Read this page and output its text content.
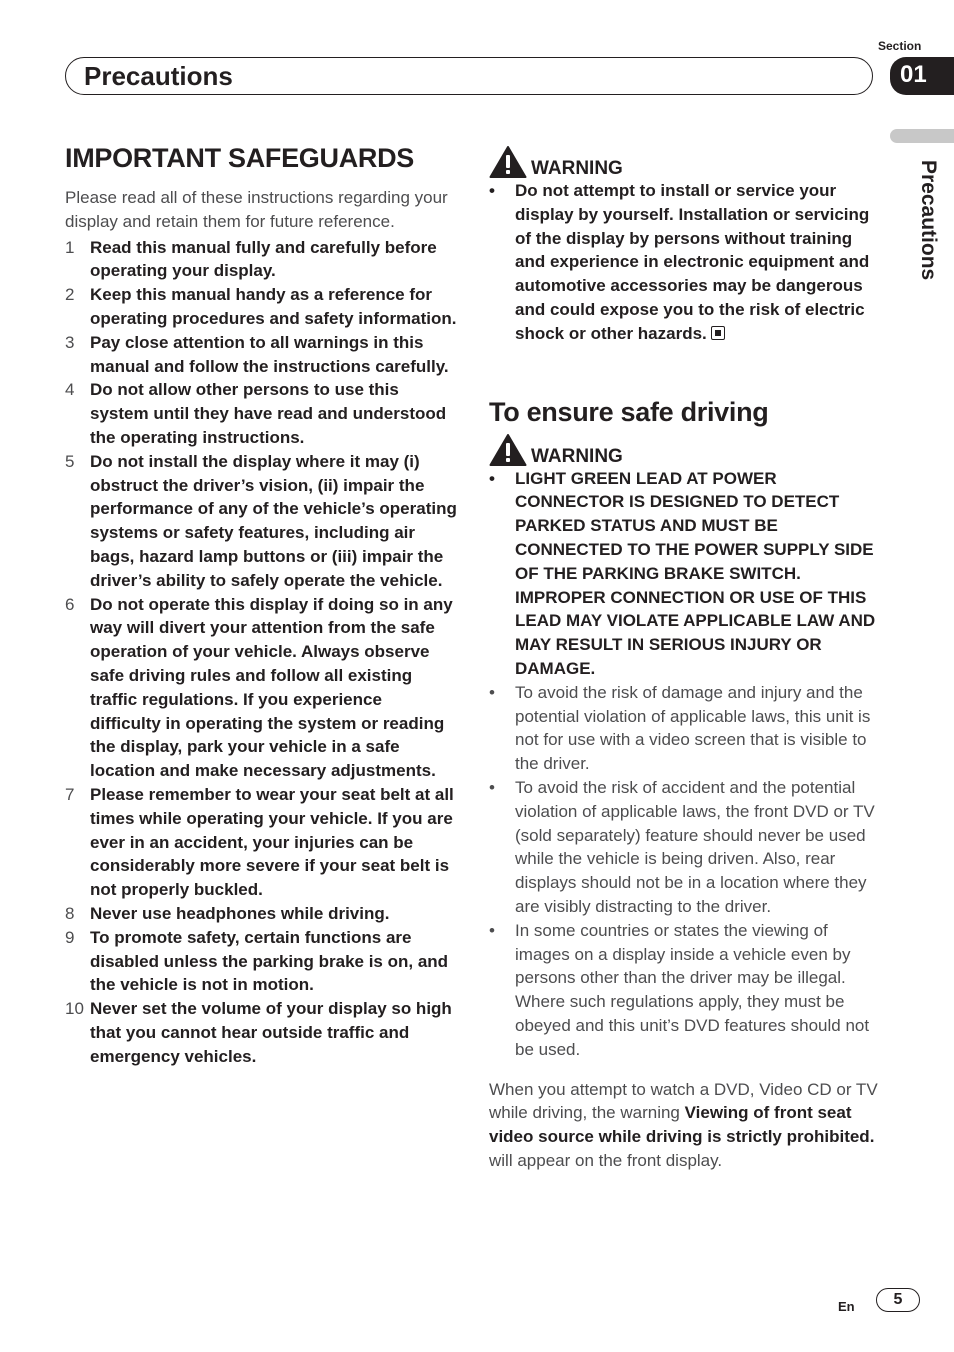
Section
Precautions	01
Precautions
IMPORTANT SAFEGUARDS

Please read all of these instructions regarding your display and retain them for future reference.

1 Read this manual fully and carefully before operating your display.
2 Keep this manual handy as a reference for operating procedures and safety information.
3 Pay close attention to all warnings in this manual and follow the instructions carefully.
4 Do not allow other persons to use this system until they have read and understood the operating instructions.
5 Do not install the display where it may (i) obstruct the driver’s vision, (ii) impair the performance of any of the vehicle’s operating systems or safety features, including air bags, hazard lamp buttons or (iii) impair the driver’s ability to safely operate the vehicle.
6 Do not operate this display if doing so in any way will divert your attention from the safe operation of your vehicle. Always observe safe driving rules and follow all existing traffic regulations. If you experience difficulty in operating the system or reading the display, park your vehicle in a safe location and make necessary adjustments.
7 Please remember to wear your seat belt at all times while operating your vehicle. If you are ever in an accident, your injuries can be considerably more severe if your seat belt is not properly buckled.
8 Never use headphones while driving.
9 To promote safety, certain functions are disabled unless the parking brake is on, and the vehicle is not in motion.
10 Never set the volume of your display so high that you cannot hear outside traffic and emergency vehicles.
WARNING
•	Do not attempt to install or service your display by yourself. Installation or servicing of the display by persons without training and experience in electronic equipment and automotive accessories may be dangerous and could expose you to the risk of electric shock or other hazards.
To ensure safe driving
WARNING
•	LIGHT GREEN LEAD AT POWER CONNECTOR IS DESIGNED TO DETECT PARKED STATUS AND MUST BE CONNECTED TO THE POWER SUPPLY SIDE OF THE PARKING BRAKE SWITCH. IMPROPER CONNECTION OR USE OF THIS LEAD MAY VIOLATE APPLICABLE LAW AND MAY RESULT IN SERIOUS INJURY OR DAMAGE.
•	To avoid the risk of damage and injury and the potential violation of applicable laws, this unit is not for use with a video screen that is visible to the driver.
•	To avoid the risk of accident and the potential violation of applicable laws, the front DVD or TV (sold separately) feature should never be used while the vehicle is being driven. Also, rear displays should not be in a location where they are visibly distracting to the driver.
•	In some countries or states the viewing of images on a display inside a vehicle even by persons other than the driver may be illegal. Where such regulations apply, they must be obeyed and this unit’s DVD features should not be used.

When you attempt to watch a DVD, Video CD or TV while driving, the warning Viewing of front seat video source while driving is strictly prohibited. will appear on the front display.

En	5
